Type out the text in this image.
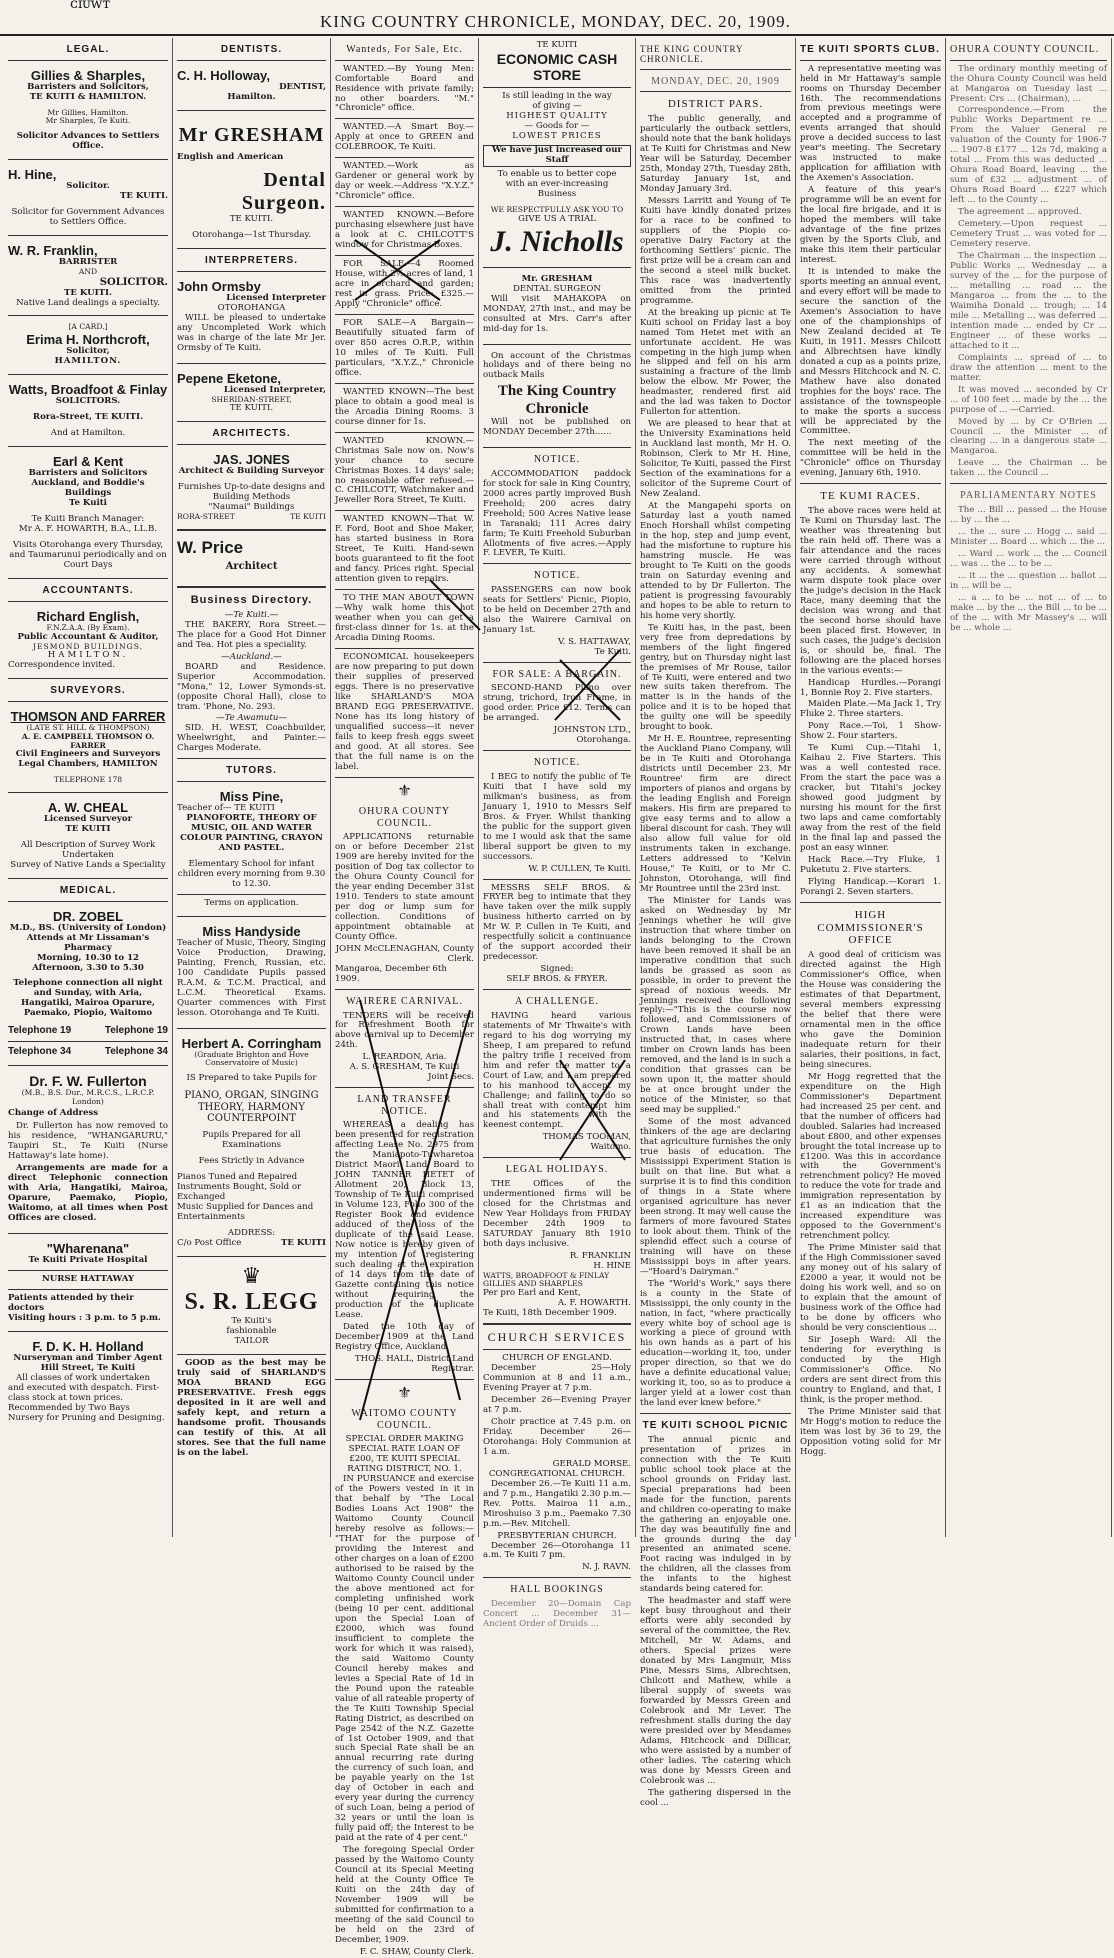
ᴄɪᴜᴡᴛ
KING COUNTRY CHRONICLE, MONDAY, DEC. 20, 1909.
LEGAL.
Gillies & Sharples,
Barristers and Solicitors,
TE KUITI & HAMILTON.
Mr Gillies, Hamilton.
Mr Sharples, Te Kuiti.
Solicitor Advances to Settlers Office.
H. Hine,
Solicitor.
TE KUITI.
Solicitor for Government Advances to Settlers Office.
W. R. Franklin,
BARRISTER
AND
SOLICITOR.
TE KUITI.
Native Land dealings a specialty.
[A CARD.]
Erima H. Northcroft,
Solicitor,
HAMILTON.
Watts, Broadfoot & Finlay
SOLICITORS.
Rora-Street, TE KUITI.
And at Hamilton.
Earl & Kent
Barristers and Solicitors
Auckland, and Boddie's Buildings
Te Kuiti
Te Kuiti Branch Manager:
Mr A. F. HOWARTH, B.A., LL.B.
Visits Otorohanga every Thursday, and Taumarunui periodically and on Court Days
ACCOUNTANTS.
Richard English,
F.N.Z.A.A. (By Exam).
Public Accountant & Auditor,
JESMOND BUILDINGS,
HAMILTON.
Correspondence invited.
SURVEYORS.
THOMSON AND FARRER
(LATE ST. HILL & THOMPSON)
A. E. CAMPBELL THOMSON O. FARRER
Civil Engineers and Surveyors
Legal Chambers, HAMILTON
TELEPHONE 178
A. W. CHEAL
Licensed Surveyor
TE KUITI
All Description of Survey Work Undertaken
Survey of Native Lands a Speciality
MEDICAL.
DR. ZOBEL
M.D., BS. (University of London)
Attends at Mr Lissaman's Pharmacy
Morning, 10.30 to 12
Afternoon, 3.30 to 5.30
Telephone connection all night and Sunday, with Aria, Hangatiki, Mairoa Oparure, Paemako, Piopio, Waitomo
Telephone 19	Telephone 19
Telephone 34	Telephone 34
Dr. F. W. Fullerton
(M.B., B.S. Dur., M.R.C.S., L.R.C.P. London)
Change of Address
Dr. Fullerton has now removed to his residence, "WHANGARURU," Taupiri St., Te Kuiti (Nurse Hattaway's late home).
Arrangements are made for a direct Telephonic connection with Aria, Hangatiki, Mairoa, Oparure, Paemako, Piopio, Waitomo, at all times when Post Offices are closed.
"Wharenana"
Te Kuiti Private Hospital
NURSE HATTAWAY
Patients attended by their doctors
Visiting hours : 3 p.m. to 5 p.m.
F. D. K. H. Holland
Nurseryman and Timber Agent
Hill Street, Te Kuiti
All classes of work undertaken and executed with despatch. First-class stock at town prices. Recommended by Two Bays Nursery for Pruning and Designing.
DENTISTS.
C. H. Holloway,
DENTIST,
Hamilton.
Mr GRESHAM
English and American
Dental Surgeon.
TE KUITI.
Otorohanga—1st Thursday.
INTERPRETERS.
John Ormsby
Licensed Interpreter
OTOROHANGA
WILL be pleased to undertake any Uncompleted Work which was in charge of the late Mr Jer. Ormsby of Te Kuiti.
Pepene Eketone,
Licensed Interpreter,
SHERIDAN-STREET,
TE KUITI.
ARCHITECTS.
JAS. JONES
Architect & Building Surveyor
Furnishes Up-to-date designs and Building Methods
"Naumai" Buildings
RORA-STREET	TE KUITI
W. Price
Architect
Business Directory.
—Te Kuiti.—
THE BAKERY, Rora Street.—The place for a Good Hot Dinner and Tea. Hot pies a speciality.
—Auckland.—
BOARD and Residence. Superior Accommodation. "Mona," 12, Lower Symonds-st. (opposite Choral Hall), close to tram. 'Phone, No. 293.
—Te Awamutu—
SID. H. WEST, Coachbuilder, Wheelwright, and Painter.—Charges Moderate.
TUTORS.
Miss Pine,
Teacher of— TE KUITI
PIANOFORTE, THEORY OF MUSIC, OIL AND WATER COLOUR PAINTING, CRAYON AND PASTEL.
Elementary School for infant children every morning from 9.30 to 12.30.
Terms on application.
Miss Handyside
Teacher of Music, Theory, Singing Voice Production, Drawing, Painting, French, Russian, etc. 100 Candidate Pupils passed R.A.M. & T.C.M. Practical, and L.C.M. Theoretical Exams. Quarter commences with First lesson. Otorohanga and Te Kuiti.
Herbert A. Corringham
(Graduate Brighton and Hove Conservatoire of Music)
IS Prepared to take Pupils for
PIANO, ORGAN, SINGING THEORY, HARMONY COUNTERPOINT
Pupils Prepared for all Examinations
Fees Strictly in Advance
Pianos Tuned and Repaired Instruments Bought, Sold or Exchanged
Music Supplied for Dances and Entertainments
ADDRESS:
C/o Post Office	TE KUITI
♛
S. R. LEGG
Te Kuiti's
fashionable
TAILOR
GOOD as the best may be truly said of SHARLAND'S MOA BRAND EGG PRESERVATIVE. Fresh eggs deposited in it are well and safely kept, and return a handsome profit. Thousands can testify of this. At all stores. See that the full name is on the label.
Wanteds, For Sale, Etc.
WANTED.—By Young Men: Comfortable Board and Residence with private family; no other boarders. "M." "Chronicle" office.
WANTED.—A Smart Boy.—Apply at once to GREEN and COLEBROOK, Te Kuiti.
WANTED.—Work as Gardener or general work by day or week.—Address "X.Y.Z." "Chronicle" office.
WANTED KNOWN.—Before purchasing elsewhere just have a look at C. CHILCOTT'S window for Christmas Boxes.
FOR SALE.—4 Roomed House, with 2½ acres of land, 1 acre in orchard and garden; rest in grass. Price: £325.—Apply "Chronicle" office.
FOR SALE—A Bargain—Beautifully situated farm of over 850 acres O.R.P., within 10 miles of Te Kuiti. Full particulars, "X.Y.Z.," Chronicle office.
WANTED KNOWN—The best place to obtain a good meal is the Arcadia Dining Rooms. 3 course dinner for 1s.
WANTED KNOWN.— Christmas Sale now on. Now's your chance to secure Christmas Boxes. 14 days' sale; no reasonable offer refused.—C. CHILCOTT, Watchmaker and Jeweller Rora Street, Te Kuiti.
WANTED KNOWN—That W. F. Ford, Boot and Shoe Maker, has started business in Rora Street, Te Kuiti. Hand-sewn boots guaranteed to fit the foot and fancy. Prices right. Special attention given to repairs.
TO THE MAN ABOUT TOWN—Why walk home this hot weather when you can get a first-class dinner for 1s. at the Arcadia Dining Rooms.
ECONOMICAL housekeepers are now preparing to put down their supplies of preserved eggs. There is no preservative like SHARLAND'S MOA BRAND EGG PRESERVATIVE. None has its long history of unqualified success—it never fails to keep fresh eggs sweet and good. At all stores. See that the full name is on the label.
⚜
OHURA COUNTY COUNCIL.
APPLICATIONS returnable on or before December 21st 1909 are hereby invited for the position of Dog tax collector to the Ohura County Council for the year ending December 31st 1910. Tenders to state amount per dog or lump sum for collection. Conditions of appointment obtainable at County Office.
JOHN McCLENAGHAN, County Clerk.
Mangaroa, December 6th 1909.
WAIRERE CARNIVAL.
TENDERS will be received for Refreshment Booth for above carnival up to December 24th.
L. REARDON, Aria.
A. S. GRESHAM, Te Kuiti
Joint Secs.
LAND TRANSFER NOTICE.
WHEREAS a dealing has been presented for registration affecting Lease No. 2975 from the Maniapoto-Tuwharetoa District Maori Land Board to JOHN TANNER HETET of Allotment 20, Block 13, Township of Te Kuiti comprised in Volume 123, Folio 300 of the Register Book and evidence adduced of the loss of the duplicate of the said Lease. Now notice is hereby given of my intention of registering such dealing at the expiration of 14 days from the date of Gazette containing this notice without requiring the production of the duplicate Lease.
Dated the 10th day of December 1909 at the Land Registry Office, Auckland.
THOS. HALL, District Land Registrar.
⚜
WAITOMO COUNTY COUNCIL.
SPECIAL ORDER MAKING SPECIAL RATE LOAN OF £200, TE KUITI SPECIAL RATING DISTRICT, NO. 1.
IN PURSUANCE and exercise of the Powers vested in it in that behalf by "The Local Bodies Loans Act 1908" the Waitomo County Council hereby resolve as follows:— "THAT for the purpose of providing the Interest and other charges on a loan of £200 authorised to be raised by the Waitomo County Council under the above mentioned act for completing unfinished work (being 10 per cent. additional upon the Special Loan of £2000, which was found insufficient to complete the work for which it was raised), the said Waitomo County Council hereby makes and levies a Special Rate of 1d in the Pound upon the rateable value of all rateable property of the Te Kuiti Township Special Rating District, as described on Page 2542 of the N.Z. Gazette of 1st October 1909, and that such Special Rate shall be an annual recurring rate during the currency of such loan, and be payable yearly on the 1st day of October in each and every year during the currency of such Loan, being a period of 32 years or until the loan is fully paid off; the Interest to be paid at the rate of 4 per cent."
The foregoing Special Order passed by the Waitomo County Council at its Special Meeting held at the County Office Te Kuiti on the 24th day of November 1909 will be submitted for confirmation to a meeting of the said Council to be held on the 23rd of December, 1909.
F. C. SHAW, County Clerk.
TE KUITI
ECONOMIC CASH STORE
Is still leading in the way
of giving —
HIGHEST QUALITY
— Goods for —
LOWEST PRICES
We have just increased our Staff
To enable us to better cope
with an ever-increasing
Business
WE RESPECTFULLY ASK YOU TO
GIVE US A TRIAL
J. Nicholls
Mr. GRESHAM
DENTAL SURGEON
Will visit MAHAKOPA on MONDAY, 27th inst., and may be consulted at Mrs. Carr's after mid-day for 1s.
On account of the Christmas holidays and of there being no outback Mails
The King Country Chronicle
Will not be published on MONDAY December 27th......
NOTICE.
ACCOMMODATION paddock for stock for sale in King Country, 2000 acres partly improved Bush Freehold; 200 acres dairy Freehold; 500 Acres Native lease in Taranaki; 111 Acres dairy farm; Te Kuiti Freehold Suburban Allotments of five acres.—Apply F. LEVER, Te Kuiti.
NOTICE.
PASSENGERS can now book seats for Settlers' Picnic, Piopio, to be held on December 27th and also the Wairere Carnival on January 1st.
V. S. HATTAWAY,
Te Kuiti.
FOR SALE: A BARGAIN.
SECOND-HAND Piano over strung, trichord, Iron Frame, in good order. Price £12. Terms can be arranged.
JOHNSTON LTD.,
Otorohanga.
NOTICE.
I BEG to notify the public of Te Kuiti that I have sold my milkman's business, as from January 1, 1910 to Messrs Self Bros. & Fryer. Whilst thanking the public for the support given to me I would ask that the same liberal support be given to my successors.
W. P. CULLEN, Te Kuiti.
MESSRS SELF BROS. & FRYER beg to intimate that they have taken over the milk supply business hitherto carried on by Mr W. P. Cullen in Te Kuiti, and respectfully solicit a continuance of the support accorded their predecessor.
Signed:
SELF BROS. & FRYER.
A CHALLENGE.
HAVING heard various statements of Mr Thwaite's with regard to his dog worrying my Sheep, I am prepared to refund the paltry trifle I received from him and refer the matter to a Court of Law, and I am prepared to his manhood to accept my Challenge; and failing to do so shall treat with contempt him and his statements with the keenest contempt.
THOMAS TOOMAN,
Waitomo.
LEGAL HOLIDAYS.
THE Offices of the undermentioned firms will be closed for the Christmas and New Year Holidays from FRIDAY December 24th 1909 to SATURDAY January 8th 1910 both days inclusive.
R. FRANKLIN
H. HINE
WATTS, BROADFOOT & FINLAY
GILLIES AND SHARPLES
Per pro Earl and Kent,
A. F. HOWARTH.
Te Kuiti, 18th December 1909.
CHURCH SERVICES
CHURCH OF ENGLAND.
December 25—Holy Communion at 8 and 11 a.m., Evening Prayer at 7 p.m.
December 26—Evening Prayer at 7 p.m.
Choir practice at 7.45 p.m. on Friday. December 26—Otorohanga: Holy Communion at 1 a.m.
GERALD MORSE.
CONGREGATIONAL CHURCH.
December 26.—Te Kuiti 11 a.m. and 7 p.m., Hangatiki 2.30 p.m.—Rev. Potts. Mairoa 11 a.m., Miroshuiso 3 p.m., Paemako 7.30 p.m.—Rev. Mitchell.
PRESBYTERIAN CHURCH.
December 26—Otorohanga 11 a.m. Te Kuiti 7 pm.
N. J. RAVN.
HALL BOOKINGS
December 20—Domain Cap Concert ... December 31—Ancient Order of Druids ...
THE KING COUNTRY CHRONICLE.
MONDAY, DEC. 20, 1909
DISTRICT PARS.
The public generally, and particularly the outback settlers, should note that the bank holidays at Te Kuiti for Christmas and New Year will be Saturday, December 25th, Monday 27th, Tuesday 28th, Saturday January 1st, and Monday January 3rd.
Messrs Larritt and Young of Te Kuiti have kindly donated prizes for a race to be confined to suppliers of the Piopio co-operative Dairy Factory at the forthcoming Settlers' picnic. The first prize will be a cream can and the second a steel milk bucket. This race was inadvertently omitted from the printed programme.
At the breaking up picnic at Te Kuiti school on Friday last a boy named Tom Hetet met with an unfortunate accident. He was competing in the high jump when he slipped and fell on his arm sustaining a fracture of the limb below the elbow. Mr Power, the headmaster, rendered first aid and the lad was taken to Doctor Fullerton for attention.
We are pleased to hear that at the University Examinations held in Auckland last month, Mr H. O. Robinson, Clerk to Mr H. Hine, Solicitor, Te Kuiti, passed the First Section of the examinations for a solicitor of the Supreme Court of New Zealand.
At the Mangapehi sports on Saturday last a youth named Enoch Horshall whilst competing in the hop, step and jump event, had the misfortune to rupture his hamstring muscle. He was brought to Te Kuiti on the goods train on Saturday evening and attended to by Dr Fullerton. The patient is progressing favourably and hopes to be able to return to his home very shortly.
Te Kuiti has, in the past, been very free from depredations by members of the light fingered gentry, but on Thursday night last the premises of Mr Rouse, tailor of Te Kuiti, were entered and two new suits taken therefrom. The matter is in the hands of the police and it is to be hoped that the guilty one will be speedily brought to book.
Mr H. E. Rountree, representing the Auckland Piano Company, will be in Te Kuiti and Otorohanga districts until December 23. Mr Rountree' firm are direct importers of pianos and organs by the leading English and Foreign makers. His firm are prepared to give easy terms and to allow a liberal discount for cash. They will also allow full value for old instruments taken in exchange. Letters addressed to "Kelvin House," Te Kuiti, or to Mr C. Johnston, Otorohanga, will find Mr Rountree until the 23rd inst.
The Minister for Lands was asked on Wednesday by Mr Jennings whether he will give instruction that where timber on lands belonging to the Crown have been removed it shall be an imperative condition that such lands be grassed as soon as possible, in order to prevent the spread of noxious weeds. Mr Jennings received the following reply:—"This is the course now followed, and Commissioners of Crown Lands have been instructed that, in cases where timber on Crown lands has been removed, and the land is in such a condition that grasses can be sown upon it, the matter should be at once brought under the notice of the Minister, so that seed may be supplied."
Some of the most advanced thinkers of the age are declaring that agriculture furnishes the only true basis of education. The Mississippi Experiment Station is built on that line. But what a surprise it is to find this condition of things in a State where organised agriculture has never been strong. It may well cause the farmers of more favoured States to look about them. Think of the splendid effect such a course of training will have on these Mississippi boys in after years.—"Hoard's Dairyman."
The "World's Work," says there is a county in the State of Mississippi, the only county in the nation, in fact, "where practically every white boy of school age is working a piece of ground with his own hands as a part of his education—working it, too, under proper direction, so that we do have a definite educational value; working it, too, so as to produce a larger yield at a lower cost than the land ever knew before."
TE KUITI SCHOOL PICNIC
The annual picnic and presentation of prizes in connection with the Te Kuiti public school took place at the school grounds on Friday last. Special preparations had been made for the function, parents and children co-operating to make the gathering an enjoyable one. The day was beautifully fine and the grounds during the day presented an animated scene. Foot racing was indulged in by the children, all the classes from the infants to the highest standards being catered for.
The headmaster and staff were kept busy throughout and their efforts were ably seconded by several of the committee, the Rev. Mitchell, Mr W. Adams, and others. Special prizes were donated by Mrs Langmuir, Miss Pine, Messrs Sims, Albrechtsen, Chilcott and Mathew, while a liberal supply of sweets was forwarded by Messrs Green and Colebrook and Mr Lever. The refreshment stalls during the day were presided over by Mesdames Adams, Hitchcock and Dillicar, who were assisted by a number of other ladies. The catering which was done by Messrs Green and Colebrook was ...
The gathering dispersed in the cool ...
TE KUITI SPORTS CLUB.
A representative meeting was held in Mr Hattaway's sample rooms on Thursday December 16th. The recommendations from previous meetings were accepted and a programme of events arranged that should prove a decided success to last year's meeting. The Secretary was instructed to make application for affiliation with the Axemen's Association.
A feature of this year's programme will be an event for the local fire brigade, and it is hoped the members will take advantage of the fine prizes given by the Sports Club, and make this item their particular interest.
It is intended to make the sports meeting an annual event, and every effort will be made to secure the sanction of the Axemen's Association to have one of the championships of New Zealand decided at Te Kuiti, in 1911. Messrs Chilcott and Albrechtsen have kindly donated a cup as a points prize, and Messrs Hitchcock and N. C. Mathew have also donated trophies for the boys' race. The assistance of the townspeople to make the sports a success will be appreciated by the Committee.
The next meeting of the committee will be held in the "Chronicle" office on Thursday evening, January 6th, 1910.
TE KUMI RACES.
The above races were held at Te Kumi on Thursday last. The weather was threatening but the rain held off. There was a fair attendance and the races were carried through without any accidents. A somewhat warm dispute took place over the judge's decision in the Hack Race, many deeming that the decision was wrong and that the second horse should have been placed first. However, in such cases, the judge's decision is, or should be, final. The following are the placed horses in the various events:—
Handicap Hurdles.—Porangi 1, Bonnie Roy 2. Five starters.
Maiden Plate.—Ma Jack 1, Try Fluke 2. Three starters.
Pony Race.—Toi, 1 Show-Show 2. Four starters.
Te Kumi Cup.—Titahi 1, Kaihau 2. Five Starters. This was a well contested race. From the start the pace was a cracker, but Titahi's jockey showed good judgment by nursing his mount for the first two laps and came comfortably away from the rest of the field in the final lap and passed the post an easy winner.
Hack Race.—Try Fluke, 1 Puketutu 2. Five starters.
Flying Handicap.—Korari 1. Porangi 2. Seven starters.
HIGH COMMISSIONER'S OFFICE
A good deal of criticism was directed against the High Commissioner's Office, when the House was considering the estimates of that Department, several members expressing the belief that there were ornamental men in the office who gave the Dominion inadequate return for their salaries, their positions, in fact, being sinecures.
Mr Hogg regretted that the expenditure on the High Commissioner's Department had increased 25 per cent. and that the number of officers had doubled. Salaries had increased about £800, and other expenses brought the total increase up to £1200. Was this in accordance with the Government's retrenchment policy? He moved to reduce the vote for trade and immigration representation by £1 as an indication that the increased expenditure was opposed to the Government's retrenchment policy.
The Prime Minister said that if the High Commissioner saved any money out of his salary of £2000 a year, it would not be doing his work well, and so on to explain that the amount of business work of the Office had to be done by officers who should be very conscientious ...
Sir Joseph Ward: All the tendering for everything is conducted by the High Commissioner's Office. No orders are sent direct from this country to England, and that, I think, is the proper method.
The Prime Minister said that Mr Hogg's motion to reduce the item was lost by 36 to 29, the Opposition voting solid for Mr Hogg.
OHURA COUNTY COUNCIL.
The ordinary monthly meeting of the Ohura County Council was held at Mangaroa on Tuesday last ... Present: Crs ... (Chairman), ...
Correspondence.—From the Public Works Department re ... From the Valuer General re valuation of the County for 1906-7 ... 1907-8 £177 ... 12s 7d, making a total ... From this was deducted ... Ohura Road Board, leaving ... the sum of £32 ... adjustment ... of Ohura Road Board ... £227 which left ... to the County ...
The agreement ... approved.
Cemetery.—Upon request ... Cemetery Trust ... was voted for ... Cemetery reserve.
The Chairman ... the inspection ... Public Works ... Wednesday ... a survey of the ... for the purpose of ... metalling ... road ... the Mangaroa ... from the ... to the Waimiha Donald ... trough; ... 14 mile ... Metalling ... was deferred ... intention made ... ended by Cr ... Engineer ... of these works ... attached to it ...
Complaints ... spread of ... to draw the attention ... ment to the matter.
It was moved ... seconded by Cr ... of 100 feet ... made by the ... the purpose of ... —Carried.
Moved by ... by Cr O'Brien ... Council ... the Minister ... of clearing ... in a dangerous state ... Mangaroa.
Leave ... the Chairman ... be taken ... the Council ...
PARLIAMENTARY NOTES
The ... Bill ... passed ... the House ... by ... the ...
... the ... sure ... Hogg ... said ... Minister ... Board ... which ... the ...
... Ward ... work ... the ... Council ... was ... the ... to be ...
... it ... the ... question ... ballot ... in ... will be ...
... a ... to be ... not ... of ... to make ... by the ... the Bill ... to be ... of the ... with Mr Massey's ... will be ... whole ...
